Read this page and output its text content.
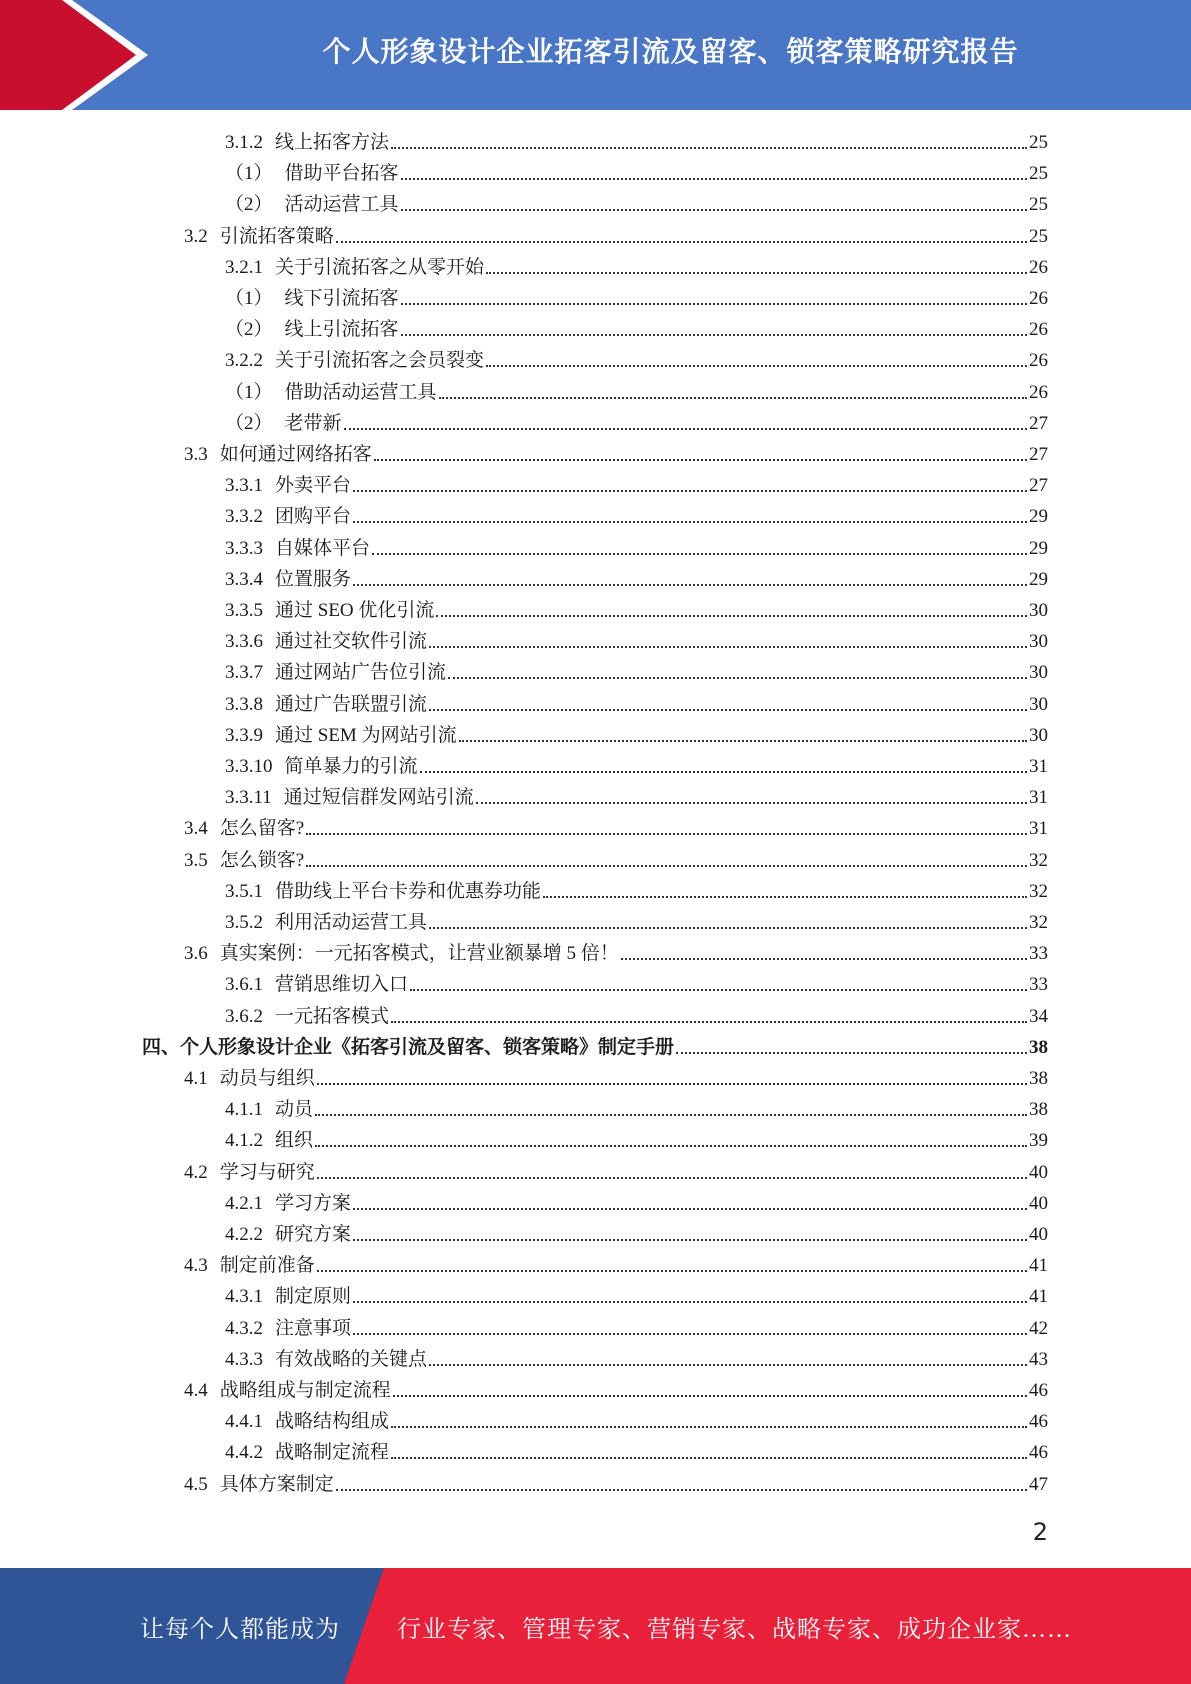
个人形象设计企业拓客引流及留客、锁客策略研究报告
3.1.2 线上拓客方法	25
（1） 借助平台拓客	25
（2） 活动运营工具	25
3.2 引流拓客策略	25
3.2.1 关于引流拓客之从零开始	26
（1） 线下引流拓客	26
（2） 线上引流拓客	26
3.2.2 关于引流拓客之会员裂变	26
（1） 借助活动运营工具	26
（2） 老带新	27
3.3 如何通过网络拓客	27
3.3.1 外卖平台	27
3.3.2 团购平台	29
3.3.3 自媒体平台	29
3.3.4 位置服务	29
3.3.5 通过 SEO 优化引流	30
3.3.6 通过社交软件引流	30
3.3.7 通过网站广告位引流	30
3.3.8 通过广告联盟引流	30
3.3.9 通过 SEM 为网站引流	30
3.3.10 简单暴力的引流	31
3.3.11 通过短信群发网站引流	31
3.4 怎么留客?	31
3.5 怎么锁客?	32
3.5.1 借助线上平台卡券和优惠券功能	32
3.5.2 利用活动运营工具	32
3.6 真实案例：一元拓客模式，让营业额暴增 5 倍！	33
3.6.1 营销思维切入口	33
3.6.2 一元拓客模式	34
四、个人形象设计企业《拓客引流及留客、锁客策略》制定手册	38
4.1 动员与组织	38
4.1.1 动员	38
4.1.2 组织	39
4.2 学习与研究	40
4.2.1 学习方案	40
4.2.2 研究方案	40
4.3 制定前准备	41
4.3.1 制定原则	41
4.3.2 注意事项	42
4.3.3 有效战略的关键点	43
4.4 战略组成与制定流程	46
4.4.1 战略结构组成	46
4.4.2 战略制定流程	46
4.5 具体方案制定	47
2
让每个人都能成为 行业专家、管理专家、营销专家、战略专家、成功企业家……
